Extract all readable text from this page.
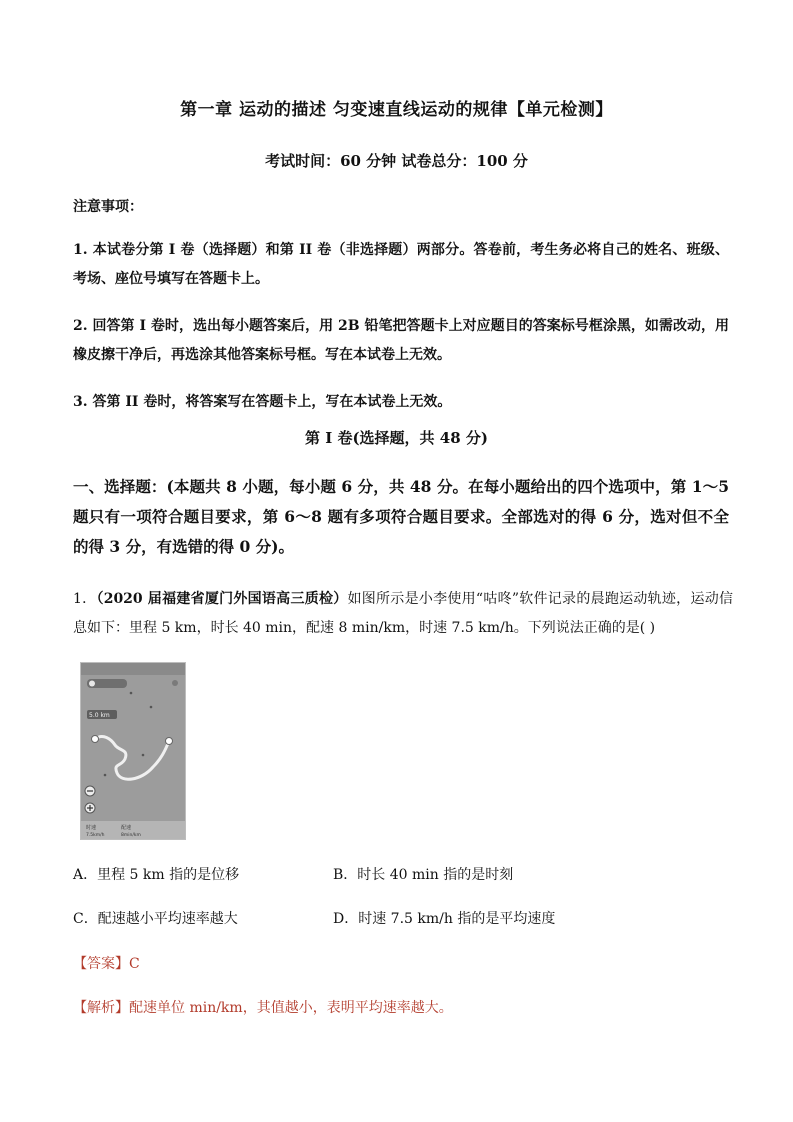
第一章 运动的描述 匀变速直线运动的规律【单元检测】
考试时间：60 分钟 试卷总分：100 分
注意事项：
1. 本试卷分第 I 卷（选择题）和第 II 卷（非选择题）两部分。答卷前，考生务必将自己的姓名、班级、考场、座位号填写在答题卡上。
2. 回答第 I 卷时，选出每小题答案后，用 2B 铅笔把答题卡上对应题目的答案标号框涂黑，如需改动，用橡皮擦干净后，再选涂其他答案标号框。写在本试卷上无效。
3. 答第 II 卷时，将答案写在答题卡上，写在本试卷上无效。
第 I 卷(选择题，共 48 分)
一、选择题：(本题共 8 小题，每小题 6 分，共 48 分。在每小题给出的四个选项中，第 1～5 题只有一项符合题目要求，第 6～8 题有多项符合题目要求。全部选对的得 6 分，选对但不全的得 3 分，有选错的得 0 分)。
1．（2020 届福建省厦门外国语高三质检）如图所示是小李使用“咕咚”软件记录的晨跑运动轨迹，运动信息如下：里程 5 km，时长 40 min，配速 8 min/km，时速 7.5 km/h。下列说法正确的是( )
5.0 km
时速
7.5km/h
配速
8min/km
A．里程 5 km 指的是位移	B．时长 40 min 指的是时刻
C．配速越小平均速率越大	D．时速 7.5 km/h 指的是平均速度
【答案】C
【解析】配速单位 min/km，其值越小，表明平均速率越大。
